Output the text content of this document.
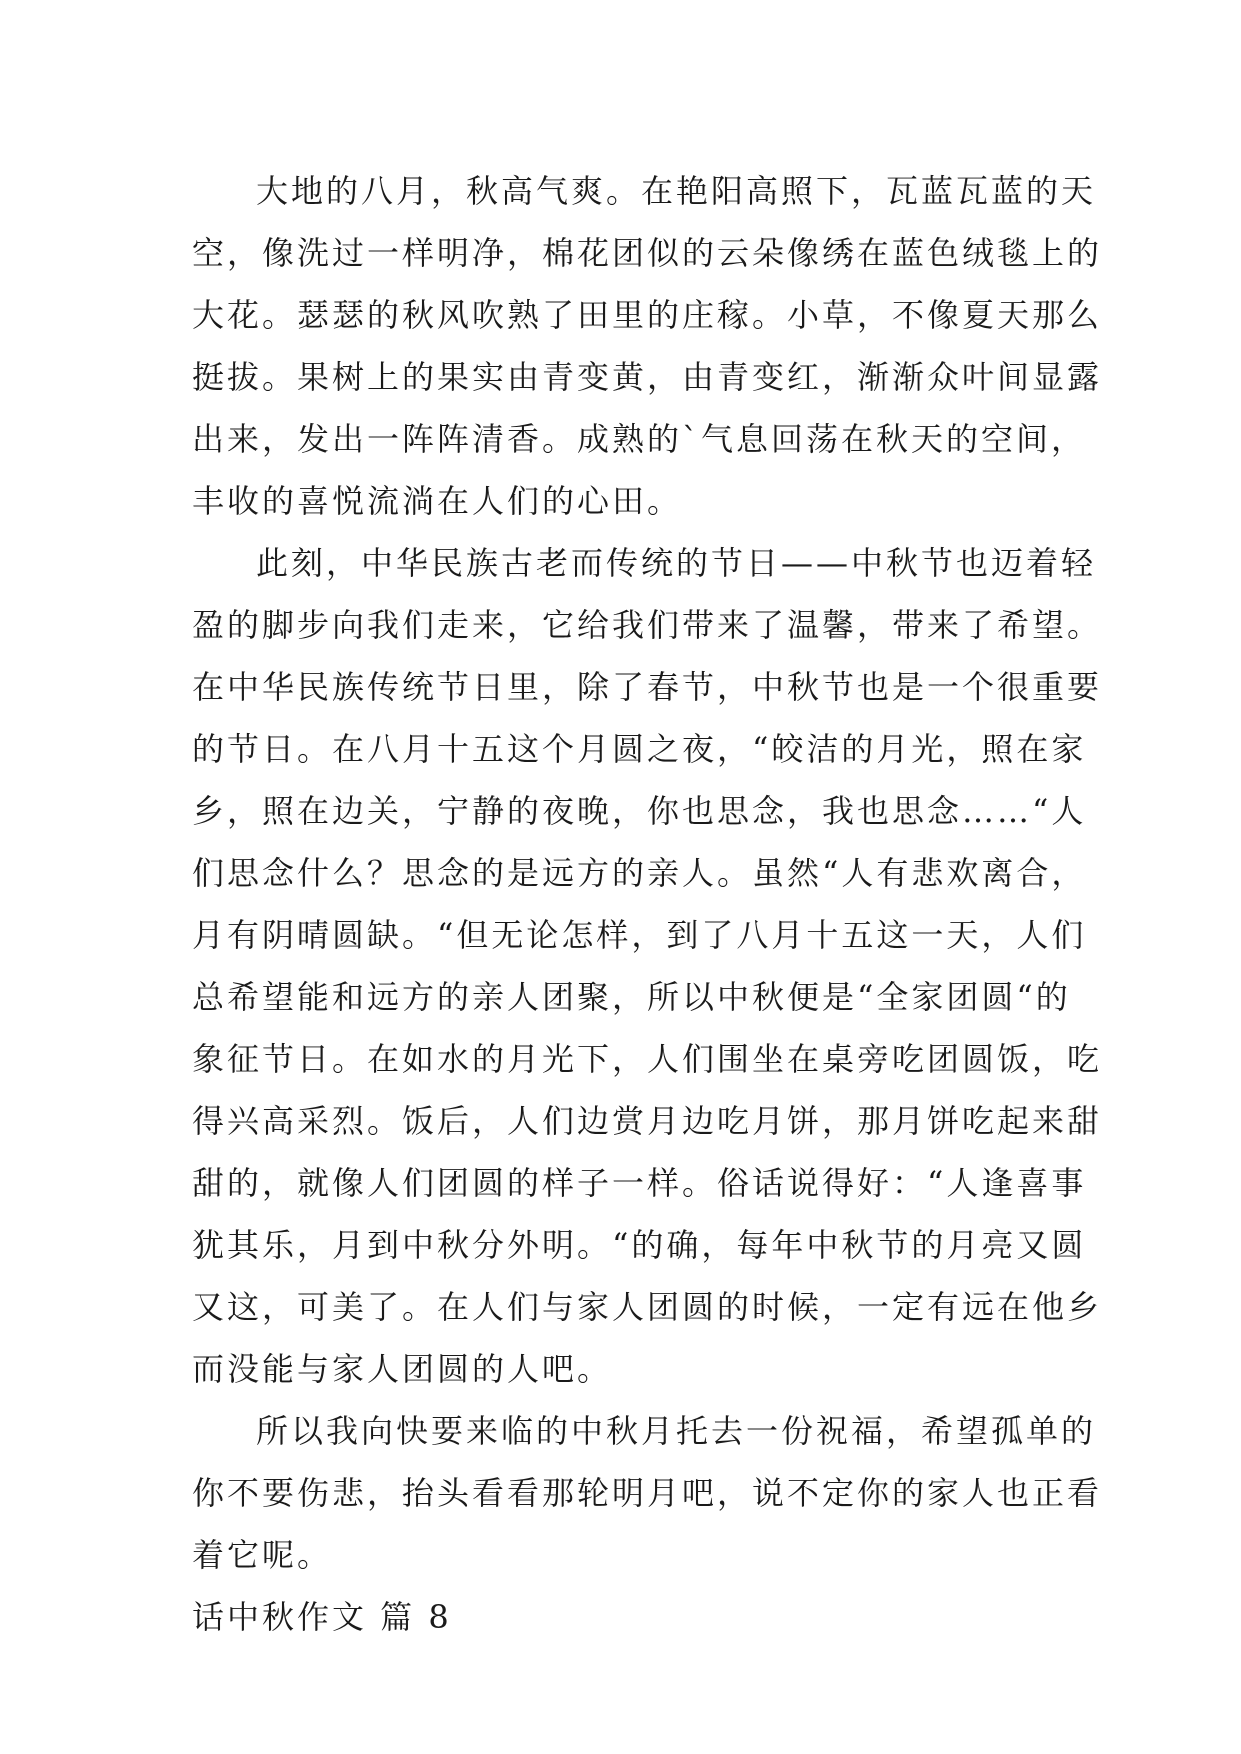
大地的八月，秋高气爽。在艳阳高照下，瓦蓝瓦蓝的天
空，像洗过一样明净，棉花团似的云朵像绣在蓝色绒毯上的
大花。瑟瑟的秋风吹熟了田里的庄稼。小草，不像夏天那么
挺拔。果树上的果实由青变黄，由青变红，渐渐众叶间显露
出来，发出一阵阵清香。成熟的`气息回荡在秋天的空间，
丰收的喜悦流淌在人们的心田。
此刻，中华民族古老而传统的节日——中秋节也迈着轻
盈的脚步向我们走来，它给我们带来了温馨，带来了希望。
在中华民族传统节日里，除了春节，中秋节也是一个很重要
的节日。在八月十五这个月圆之夜，“皎洁的月光，照在家
乡，照在边关，宁静的夜晚，你也思念，我也思念……“人
们思念什么？思念的是远方的亲人。虽然“人有悲欢离合，
月有阴晴圆缺。“但无论怎样，到了八月十五这一天，人们
总希望能和远方的亲人团聚，所以中秋便是“全家团圆“的
象征节日。在如水的月光下，人们围坐在桌旁吃团圆饭，吃
得兴高采烈。饭后，人们边赏月边吃月饼，那月饼吃起来甜
甜的，就像人们团圆的样子一样。俗话说得好：“人逢喜事
犹其乐，月到中秋分外明。“的确，每年中秋节的月亮又圆
又这，可美了。在人们与家人团圆的时候，一定有远在他乡
而没能与家人团圆的人吧。
所以我向快要来临的中秋月托去一份祝福，希望孤单的
你不要伤悲，抬头看看那轮明月吧，说不定你的家人也正看
着它呢。
话中秋作文 篇 8
